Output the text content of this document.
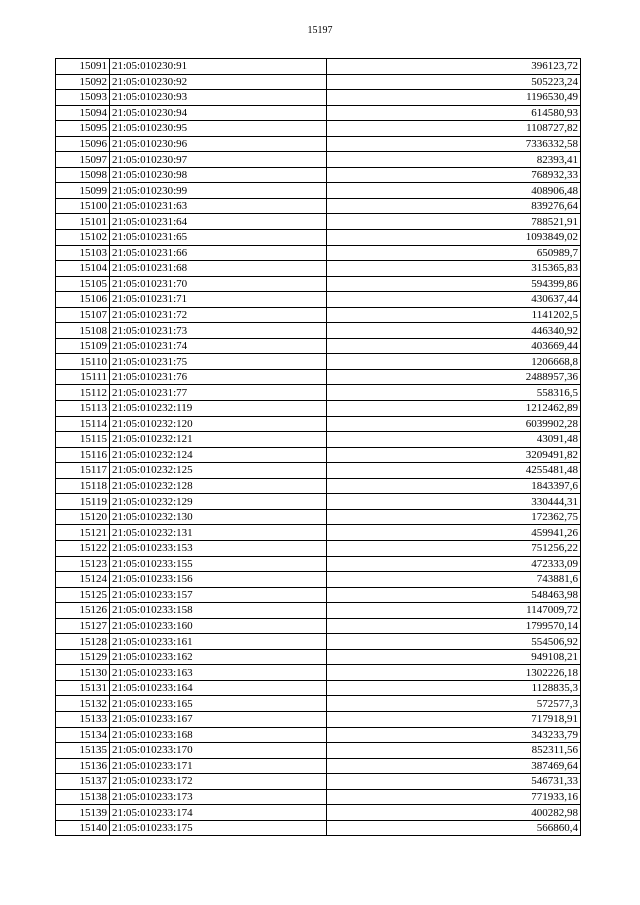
15197
15091	21:05:010230:91	396123,72
15092	21:05:010230:92	505223,24
15093	21:05:010230:93	1196530,49
15094	21:05:010230:94	614580,93
15095	21:05:010230:95	1108727,82
15096	21:05:010230:96	7336332,58
15097	21:05:010230:97	82393,41
15098	21:05:010230:98	768932,33
15099	21:05:010230:99	408906,48
15100	21:05:010231:63	839276,64
15101	21:05:010231:64	788521,91
15102	21:05:010231:65	1093849,02
15103	21:05:010231:66	650989,7
15104	21:05:010231:68	315365,83
15105	21:05:010231:70	594399,86
15106	21:05:010231:71	430637,44
15107	21:05:010231:72	1141202,5
15108	21:05:010231:73	446340,92
15109	21:05:010231:74	403669,44
15110	21:05:010231:75	1206668,8
15111	21:05:010231:76	2488957,36
15112	21:05:010231:77	558316,5
15113	21:05:010232:119	1212462,89
15114	21:05:010232:120	6039902,28
15115	21:05:010232:121	43091,48
15116	21:05:010232:124	3209491,82
15117	21:05:010232:125	4255481,48
15118	21:05:010232:128	1843397,6
15119	21:05:010232:129	330444,31
15120	21:05:010232:130	172362,75
15121	21:05:010232:131	459941,26
15122	21:05:010233:153	751256,22
15123	21:05:010233:155	472333,09
15124	21:05:010233:156	743881,6
15125	21:05:010233:157	548463,98
15126	21:05:010233:158	1147009,72
15127	21:05:010233:160	1799570,14
15128	21:05:010233:161	554506,92
15129	21:05:010233:162	949108,21
15130	21:05:010233:163	1302226,18
15131	21:05:010233:164	1128835,3
15132	21:05:010233:165	572577,3
15133	21:05:010233:167	717918,91
15134	21:05:010233:168	343233,79
15135	21:05:010233:170	852311,56
15136	21:05:010233:171	387469,64
15137	21:05:010233:172	546731,33
15138	21:05:010233:173	771933,16
15139	21:05:010233:174	400282,98
15140	21:05:010233:175	566860,4
